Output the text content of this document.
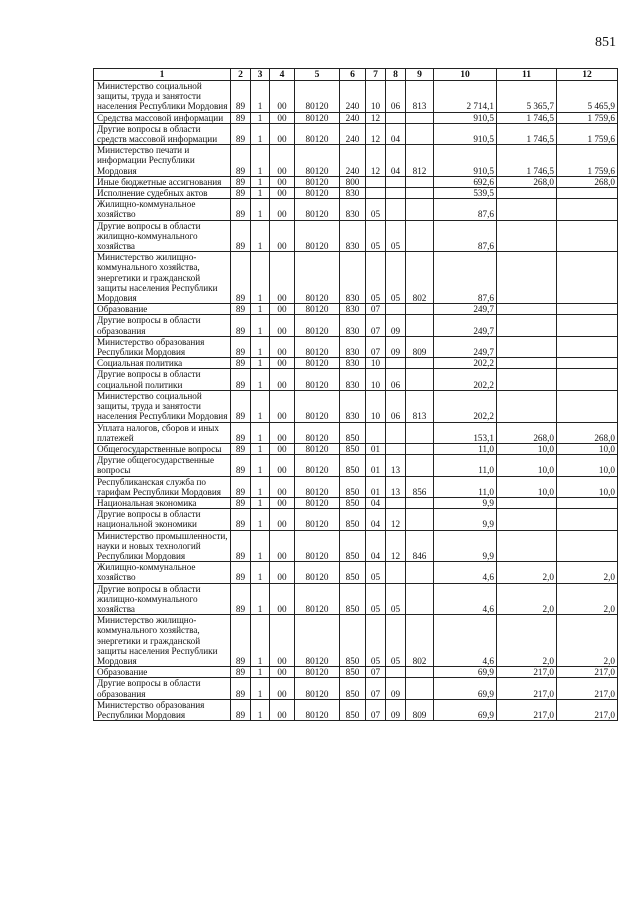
851
1	2	3	4	5	6	7	8	9	10	11	12
Министерство социальной защиты, труда и занятости населения Республики Мордовия	89	1	00	80120	240	10	06	813	2 714,1	5 365,7	5 465,9
Средства массовой информации	89	1	00	80120	240	12			910,5	1 746,5	1 759,6
Другие вопросы в области средств массовой информации	89	1	00	80120	240	12	04		910,5	1 746,5	1 759,6
Министерство печати и информации Республики Мордовия	89	1	00	80120	240	12	04	812	910,5	1 746,5	1 759,6
Иные бюджетные ассигнования	89	1	00	80120	800				692,6	268,0	268,0
Исполнение судебных актов	89	1	00	80120	830				539,5		
Жилищно-коммунальное хозяйство	89	1	00	80120	830	05			87,6		
Другие вопросы в области жилищно-коммунального хозяйства	89	1	00	80120	830	05	05		87,6		
Министерство жилищно-коммунального хозяйства, энергетики и гражданской защиты населения Республики Мордовия	89	1	00	80120	830	05	05	802	87,6		
Образование	89	1	00	80120	830	07			249,7		
Другие вопросы в области образования	89	1	00	80120	830	07	09		249,7		
Министерство образования Республики Мордовия	89	1	00	80120	830	07	09	809	249,7		
Социальная политика	89	1	00	80120	830	10			202,2		
Другие вопросы в области социальной политики	89	1	00	80120	830	10	06		202,2		
Министерство социальной защиты, труда и занятости населения Республики Мордовия	89	1	00	80120	830	10	06	813	202,2		
Уплата налогов, сборов и иных платежей	89	1	00	80120	850				153,1	268,0	268,0
Общегосударственные вопросы	89	1	00	80120	850	01			11,0	10,0	10,0
Другие общегосударственные вопросы	89	1	00	80120	850	01	13		11,0	10,0	10,0
Республиканская служба по тарифам Республики Мордовия	89	1	00	80120	850	01	13	856	11,0	10,0	10,0
Национальная экономика	89	1	00	80120	850	04			9,9		
Другие вопросы в области национальной экономики	89	1	00	80120	850	04	12		9,9		
Министерство промышленности, науки и новых технологий Республики Мордовия	89	1	00	80120	850	04	12	846	9,9		
Жилищно-коммунальное хозяйство	89	1	00	80120	850	05			4,6	2,0	2,0
Другие вопросы в области жилищно-коммунального хозяйства	89	1	00	80120	850	05	05		4,6	2,0	2,0
Министерство жилищно-коммунального хозяйства, энергетики и гражданской защиты населения Республики Мордовия	89	1	00	80120	850	05	05	802	4,6	2,0	2,0
Образование	89	1	00	80120	850	07			69,9	217,0	217,0
Другие вопросы в области образования	89	1	00	80120	850	07	09		69,9	217,0	217,0
Министерство образования Республики Мордовия	89	1	00	80120	850	07	09	809	69,9	217,0	217,0
